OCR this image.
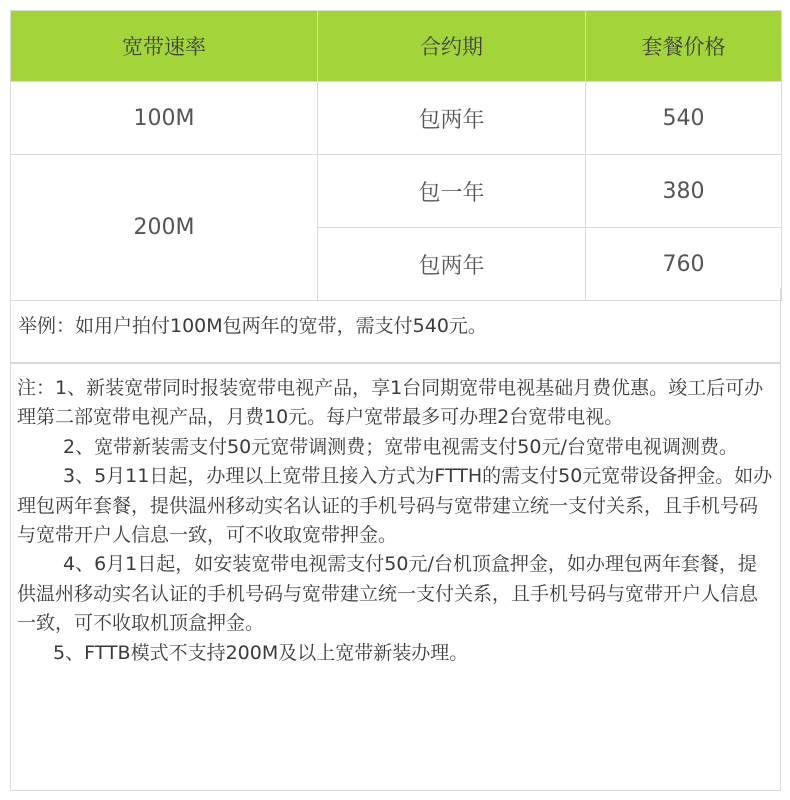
宽带速率	合约期	套餐价格
100M	包两年	540
200M	包一年	380
	包两年	760

举例：如用户拍付100M包两年的宽带，需支付540元。

注：1、新装宽带同时报装宽带电视产品，享1台同期宽带电视基础月费优惠。竣工后可办理第二部宽带电视产品，月费10元。每户宽带最多可办理2台宽带电视。

2、宽带新装需支付50元宽带调测费；宽带电视需支付50元/台宽带电视调测费。

3、5月11日起，办理以上宽带且接入方式为FTTH的需支付50元宽带设备押金。如办理包两年套餐，提供温州移动实名认证的手机号码与宽带建立统一支付关系，且手机号码与宽带开户人信息一致，可不收取宽带押金。

4、6月1日起，如安装宽带电视需支付50元/台机顶盒押金，如办理包两年套餐，提供温州移动实名认证的手机号码与宽带建立统一支付关系，且手机号码与宽带开户人信息一致，可不收取机顶盒押金。

5、FTTB模式不支持200M及以上宽带新装办理。
